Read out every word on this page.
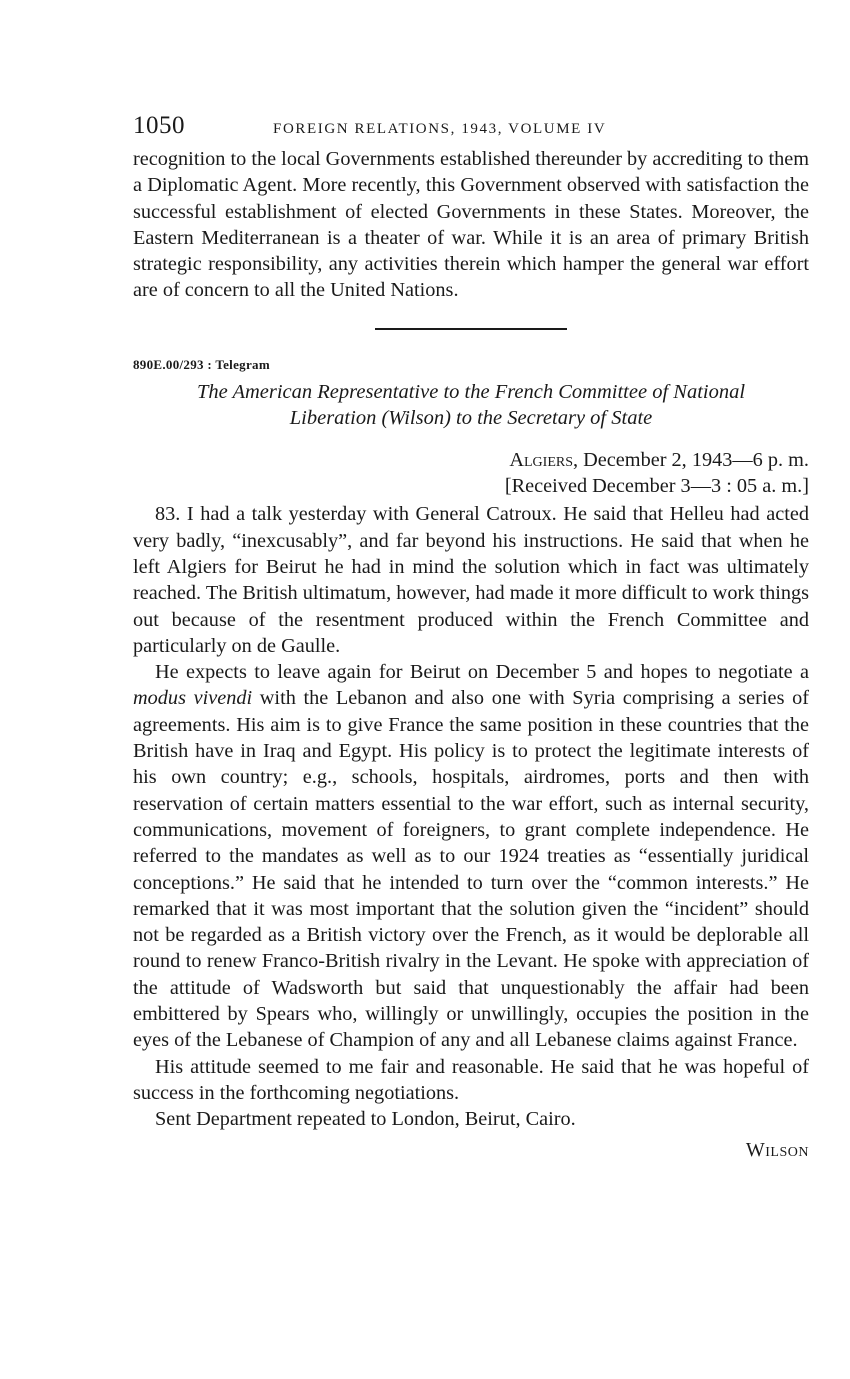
1050	FOREIGN RELATIONS, 1943, VOLUME IV

recognition to the local Governments established thereunder by accrediting to them a Diplomatic Agent. More recently, this Government observed with satisfaction the successful establishment of elected Governments in these States. Moreover, the Eastern Mediterranean is a theater of war. While it is an area of primary British strategic responsibility, any activities therein which hamper the general war effort are of concern to all the United Nations.

890E.00/293 : Telegram

The American Representative to the French Committee of National
Liberation (Wilson) to the Secretary of State

Algiers, December 2, 1943—6 p. m.
[Received December 3—3 : 05 a. m.]

83. I had a talk yesterday with General Catroux. He said that Helleu had acted very badly, “inexcusably”, and far beyond his instructions. He said that when he left Algiers for Beirut he had in mind the solution which in fact was ultimately reached. The British ultimatum, however, had made it more difficult to work things out because of the resentment produced within the French Committee and particularly on de Gaulle.

He expects to leave again for Beirut on December 5 and hopes to negotiate a modus vivendi with the Lebanon and also one with Syria comprising a series of agreements. His aim is to give France the same position in these countries that the British have in Iraq and Egypt. His policy is to protect the legitimate interests of his own country; e.g., schools, hospitals, airdromes, ports and then with reservation of certain matters essential to the war effort, such as internal security, communications, movement of foreigners, to grant complete independence. He referred to the mandates as well as to our 1924 treaties as “essentially juridical conceptions.” He said that he intended to turn over the “common interests.” He remarked that it was most important that the solution given the “incident” should not be regarded as a British victory over the French, as it would be deplorable all round to renew Franco-British rivalry in the Levant. He spoke with appreciation of the attitude of Wadsworth but said that unquestionably the affair had been embittered by Spears who, willingly or unwillingly, occupies the position in the eyes of the Lebanese of Champion of any and all Lebanese claims against France.

His attitude seemed to me fair and reasonable. He said that he was hopeful of success in the forthcoming negotiations.

Sent Department repeated to London, Beirut, Cairo.

Wilson
